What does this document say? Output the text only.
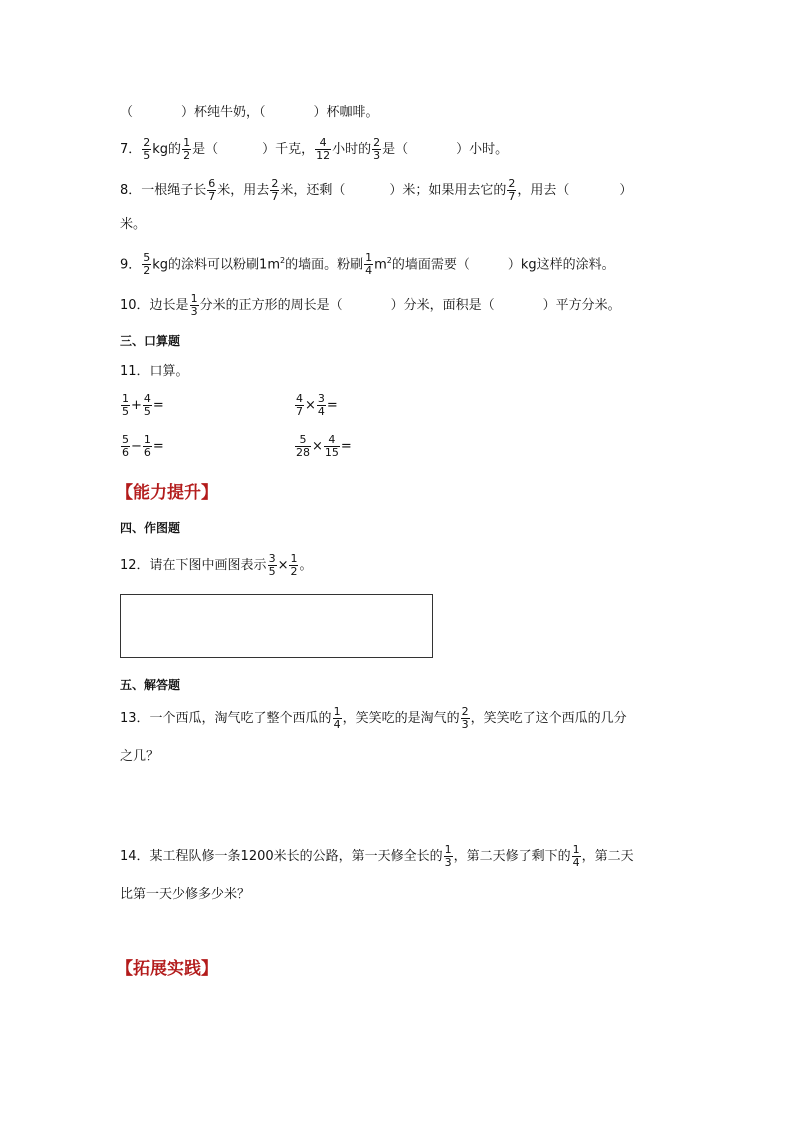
（	）杯纯牛奶，（	）杯咖啡。
7． $\frac{2}{5}$ kg的 $\frac{1}{2}$ 是（	）千克， $\frac{4}{12}$ 小时的 $\frac{2}{3}$ 是（	）小时。
8．一根绳子长 $\frac{6}{7}$ 米，用去 $\frac{2}{7}$ 米，还剩（	）米；如果用去它的 $\frac{2}{7}$ ，用去（	）
米。
9． $\frac{5}{2}$ kg的涂料可以粉刷$1m^2$的墙面。粉刷 $\frac{1}{4} m^2$的墙面需要（	）kg这样的涂料。
10．边长是 $\frac{1}{3}$ 分米的正方形的周长是（	）分米，面积是（	）平方分米。
三、口算题
11．口算。
$\frac{1}{5} + \frac{4}{5}$ =	$\frac{4}{7} \times \frac{3}{4}$ =
$\frac{5}{6} - \frac{1}{6}$ =	$\frac{5}{28} \times \frac{4}{15}$ =
【能力提升】
四、作图题
12．请在下图中画图表示 $\frac{3}{5} \times \frac{1}{2}$ 。
五、解答题
13．一个西瓜，淘气吃了整个西瓜的 $\frac{1}{4}$ ，笑笑吃的是淘气的 $\frac{2}{3}$ ，笑笑吃了这个西瓜的几分
之几？
14．某工程队修一条1200米长的公路，第一天修全长的 $\frac{1}{3}$ ，第二天修了剩下的 $\frac{1}{4}$ ，第二天
比第一天少修多少米？
【拓展实践】
